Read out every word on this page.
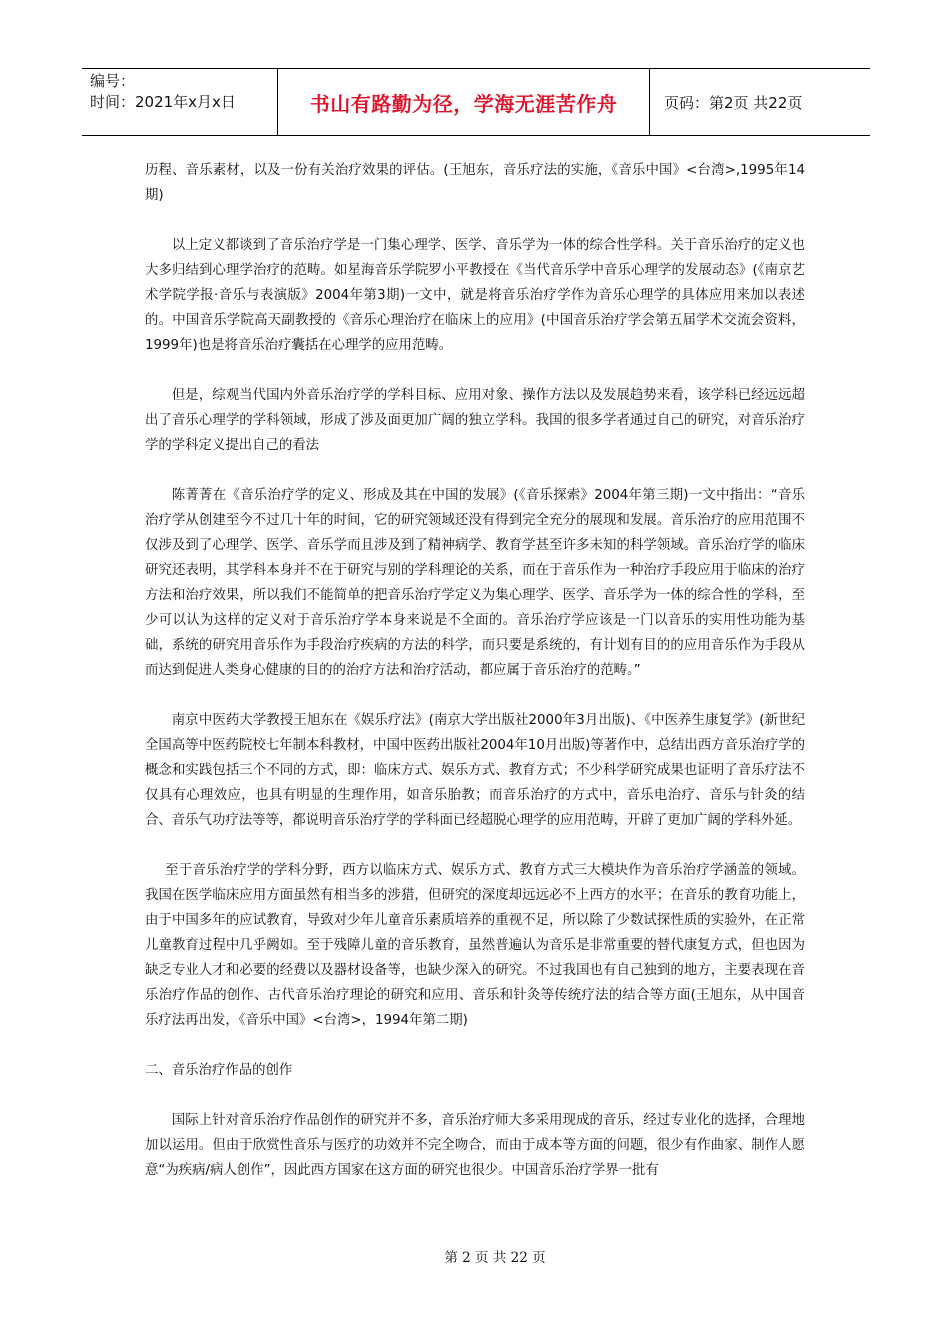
编号：
时间：2021年x月x日	书山有路勤为径，学海无涯苦作舟	页码：第2页 共22页

历程、音乐素材，以及一份有关治疗效果的评估。(王旭东，音乐疗法的实施，《音乐中国》<台湾>,1995年14期)

以上定义都谈到了音乐治疗学是一门集心理学、医学、音乐学为一体的综合性学科。关于音乐治疗的定义也大多归结到心理学治疗的范畴。如星海音乐学院罗小平教授在《当代音乐学中音乐心理学的发展动态》(《南京艺术学院学报·音乐与表演版》2004年第3期)一文中，就是将音乐治疗学作为音乐心理学的具体应用来加以表述的。中国音乐学院高天副教授的《音乐心理治疗在临床上的应用》(中国音乐治疗学会第五届学术交流会资料，1999年)也是将音乐治疗囊括在心理学的应用范畴。

但是，综观当代国内外音乐治疗学的学科目标、应用对象、操作方法以及发展趋势来看，该学科已经远远超出了音乐心理学的学科领域，形成了涉及面更加广阔的独立学科。我国的很多学者通过自己的研究，对音乐治疗学的学科定义提出自己的看法

陈菁菁在《音乐治疗学的定义、形成及其在中国的发展》(《音乐探索》2004年第三期)一文中指出：“音乐治疗学从创建至今不过几十年的时间，它的研究领域还没有得到完全充分的展现和发展。音乐治疗的应用范围不仅涉及到了心理学、医学、音乐学而且涉及到了精神病学、教育学甚至许多未知的科学领域。音乐治疗学的临床研究还表明，其学科本身并不在于研究与别的学科理论的关系，而在于音乐作为一种治疗手段应用于临床的治疗方法和治疗效果，所以我们不能简单的把音乐治疗学定义为集心理学、医学、音乐学为一体的综合性的学科，至少可以认为这样的定义对于音乐治疗学本身来说是不全面的。音乐治疗学应该是一门以音乐的实用性功能为基础，系统的研究用音乐作为手段治疗疾病的方法的科学，而只要是系统的，有计划有目的的应用音乐作为手段从而达到促进人类身心健康的目的的治疗方法和治疗活动，都应属于音乐治疗的范畴。”

南京中医药大学教授王旭东在《娱乐疗法》(南京大学出版社2000年3月出版)、《中医养生康复学》(新世纪全国高等中医药院校七年制本科教材，中国中医药出版社2004年10月出版)等著作中，总结出西方音乐治疗学的概念和实践包括三个不同的方式，即：临床方式、娱乐方式、教育方式；不少科学研究成果也证明了音乐疗法不仅具有心理效应，也具有明显的生理作用，如音乐胎教；而音乐治疗的方式中，音乐电治疗、音乐与针灸的结合、音乐气功疗法等等，都说明音乐治疗学的学科面已经超脱心理学的应用范畴，开辟了更加广阔的学科外延。

至于音乐治疗学的学科分野，西方以临床方式、娱乐方式、教育方式三大模块作为音乐治疗学涵盖的领域。我国在医学临床应用方面虽然有相当多的涉猎，但研究的深度却远远必不上西方的水平；在音乐的教育功能上，由于中国多年的应试教育，导致对少年儿童音乐素质培养的重视不足，所以除了少数试探性质的实验外，在正常儿童教育过程中几乎阙如。至于残障儿童的音乐教育，虽然普遍认为音乐是非常重要的替代康复方式，但也因为缺乏专业人才和必要的经费以及器材设备等，也缺少深入的研究。不过我国也有自己独到的地方，主要表现在音乐治疗作品的创作、古代音乐治疗理论的研究和应用、音乐和针灸等传统疗法的结合等方面(王旭东，从中国音乐疗法再出发，《音乐中国》<台湾>，1994年第二期)

二、音乐治疗作品的创作

国际上针对音乐治疗作品创作的研究并不多，音乐治疗师大多采用现成的音乐，经过专业化的选择，合理地加以运用。但由于欣赏性音乐与医疗的功效并不完全吻合，而由于成本等方面的问题，很少有作曲家、制作人愿意“为疾病/病人创作”，因此西方国家在这方面的研究也很少。中国音乐治疗学界一批有

第 2 页 共 22 页
